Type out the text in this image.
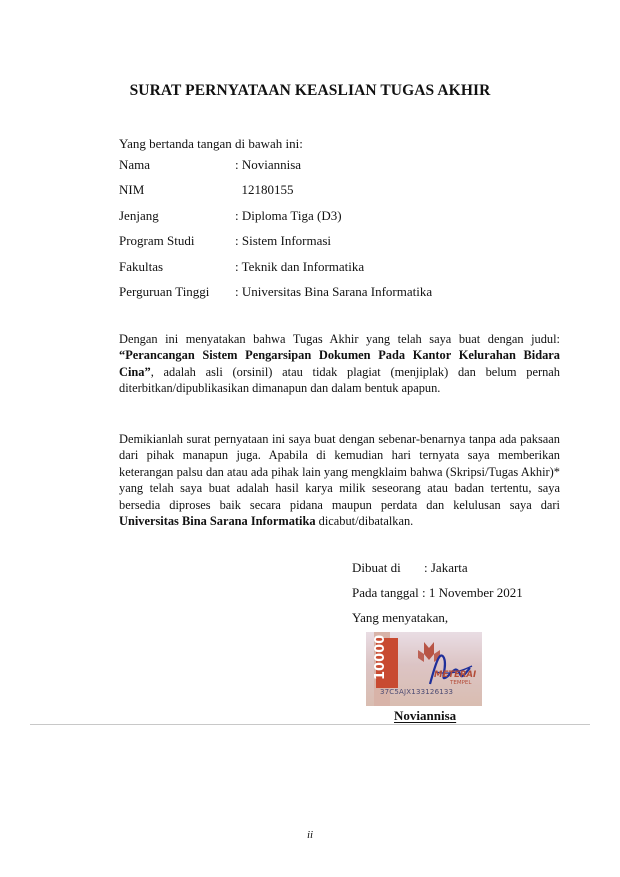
SURAT PERNYATAAN KEASLIAN TUGAS AKHIR
Yang bertanda tangan di bawah ini:
Nama	: Noviannisa
NIM	12180155
Jenjang	: Diploma Tiga (D3)
Program Studi	: Sistem Informasi
Fakultas	: Teknik dan Informatika
Perguruan Tinggi : Universitas Bina Sarana Informatika

Dengan ini menyatakan bahwa Tugas Akhir yang telah saya buat dengan judul: “Perancangan Sistem Pengarsipan Dokumen Pada Kantor Kelurahan Bidara Cina”, adalah asli (orsinil) atau tidak plagiat (menjiplak) dan belum pernah diterbitkan/dipublikasikan dimanapun dan dalam bentuk apapun.

Demikianlah surat pernyataan ini saya buat dengan sebenar-benarnya tanpa ada paksaan dari pihak manapun juga. Apabila di kemudian hari ternyata saya memberikan keterangan palsu dan atau ada pihak lain yang mengklaim bahwa (Skripsi/Tugas Akhir)* yang telah saya buat adalah hasil karya milik seseorang atau badan tertentu, saya bersedia diproses baik secara pidana maupun perdata dan kelulusan saya dari Universitas Bina Sarana Informatika dicabut/dibatalkan.

Dibuat di : Jakarta
Pada tanggal : 1 November 2021
Yang menyatakan,
10000	METERAI
TEMPEL
37C5AJX133126133
Noviannisa
ii
